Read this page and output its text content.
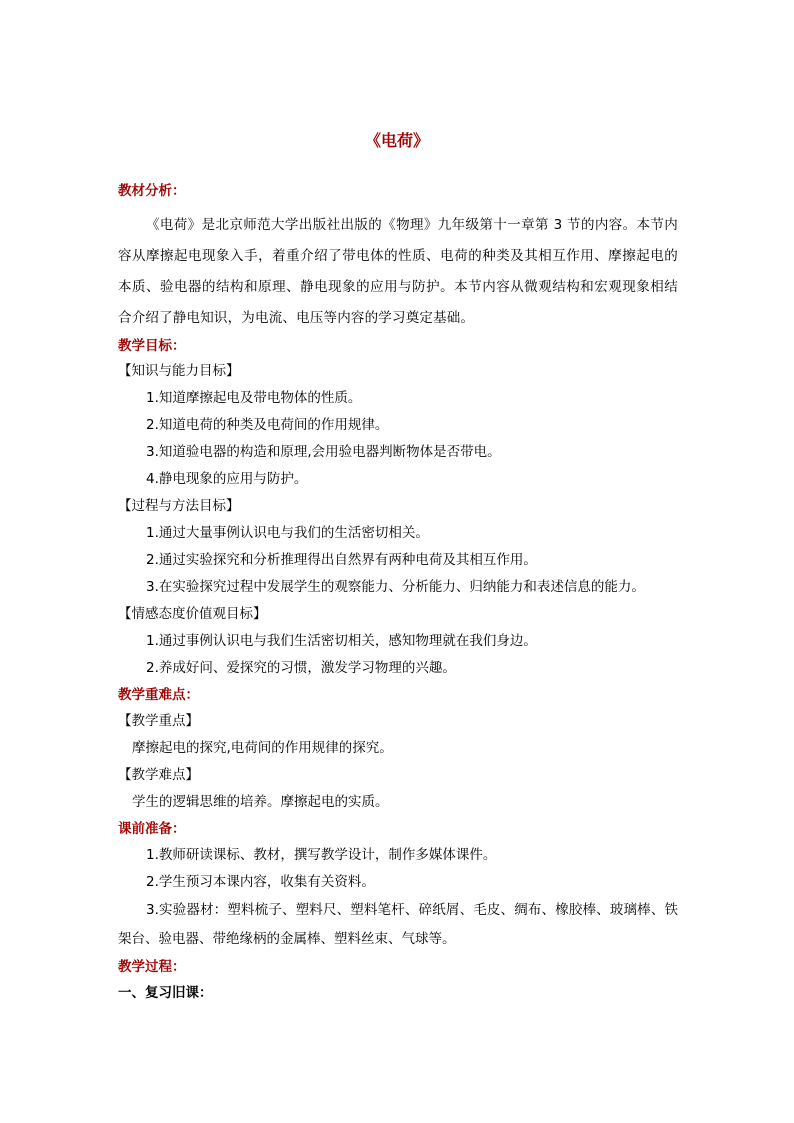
《电荷》
教材分析：

《电荷》是北京师范大学出版社出版的《物理》九年级第十一章第 3 节的内容。本节内容从摩擦起电现象入手，着重介绍了带电体的性质、电荷的种类及其相互作用、摩擦起电的本质、验电器的结构和原理、静电现象的应用与防护。本节内容从微观结构和宏观现象相结合介绍了静电知识，为电流、电压等内容的学习奠定基础。

教学目标：
【知识与能力目标】
1.知道摩擦起电及带电物体的性质。
2.知道电荷的种类及电荷间的作用规律。
3.知道验电器的构造和原理,会用验电器判断物体是否带电。
4.静电现象的应用与防护。
【过程与方法目标】
1.通过大量事例认识电与我们的生活密切相关。
2.通过实验探究和分析推理得出自然界有两种电荷及其相互作用。
3.在实验探究过程中发展学生的观察能力、分析能力、归纳能力和表述信息的能力。
【情感态度价值观目标】
1.通过事例认识电与我们生活密切相关，感知物理就在我们身边。
2.养成好问、爱探究的习惯，激发学习物理的兴趣。
教学重难点：
【教学重点】
摩擦起电的探究,电荷间的作用规律的探究。
【教学难点】
学生的逻辑思维的培养。摩擦起电的实质。
课前准备：
1.教师研读课标、教材，撰写教学设计，制作多媒体课件。
2.学生预习本课内容，收集有关资料。
3.实验器材：塑料梳子、塑料尺、塑料笔杆、碎纸屑、毛皮、绸布、橡胶棒、玻璃棒、铁架台、验电器、带绝缘柄的金属棒、塑料丝束、气球等。
教学过程：
一、复习旧课：
